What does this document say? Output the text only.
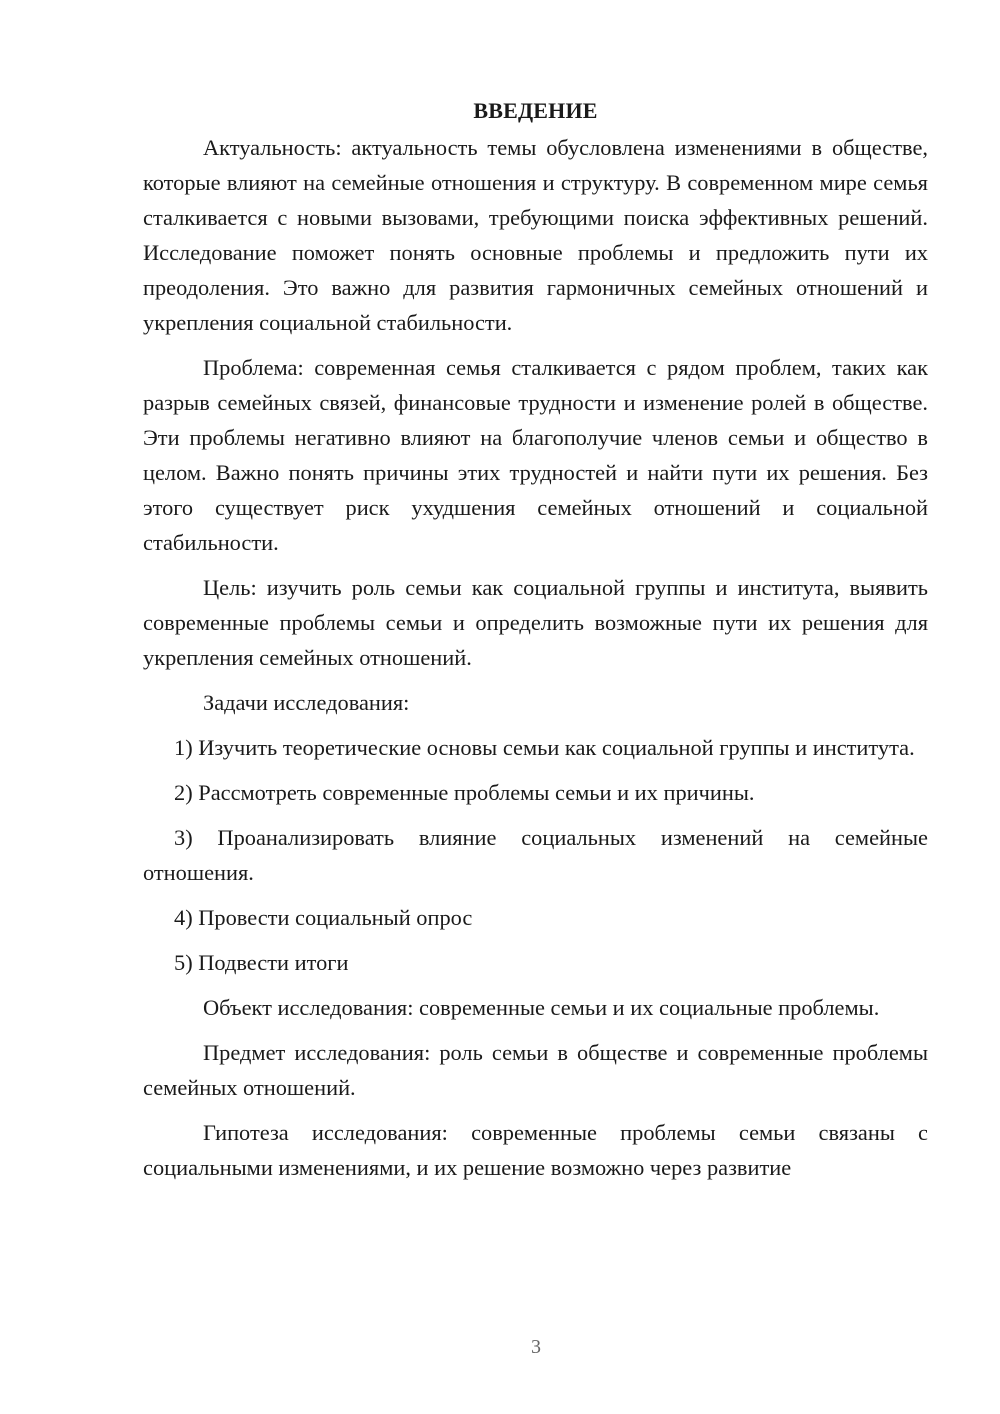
ВВЕДЕНИЕ

Актуальность: актуальность темы обусловлена изменениями в обществе, которые влияют на семейные отношения и структуру. В современном мире семья сталкивается с новыми вызовами, требующими поиска эффективных решений. Исследование поможет понять основные проблемы и предложить пути их преодоления. Это важно для развития гармоничных семейных отношений и укрепления социальной стабильности.

Проблема: современная семья сталкивается с рядом проблем, таких как разрыв семейных связей, финансовые трудности и изменение ролей в обществе. Эти проблемы негативно влияют на благополучие членов семьи и общество в целом. Важно понять причины этих трудностей и найти пути их решения. Без этого существует риск ухудшения семейных отношений и социальной стабильности.

Цель: изучить роль семьи как социальной группы и института, выявить современные проблемы семьи и определить возможные пути их решения для укрепления семейных отношений.

Задачи исследования:

1) Изучить теоретические основы семьи как социальной группы и института.

2) Рассмотреть современные проблемы семьи и их причины.

3) Проанализировать влияние социальных изменений на семейные отношения.

4) Провести социальный опрос

5) Подвести итоги

Объект исследования: современные семьи и их социальные проблемы.

Предмет исследования: роль семьи в обществе и современные проблемы семейных отношений.

Гипотеза исследования: современные проблемы семьи связаны с социальными изменениями, и их решение возможно через развитие

3
